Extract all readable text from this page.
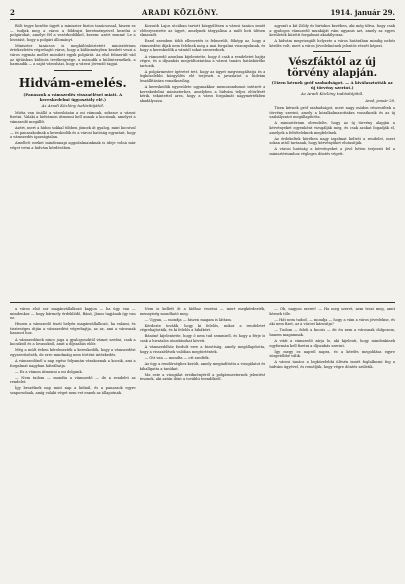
2	ARADI KÖZLÖNY.	1914. január 29.

Bölt tegye kezébe ügyét a miniszter biztos tanácsossal, hiszen ez — tudjuk meg a város a földrajzi keretményeivel kezelni a polgárokat, amelye fél a vezérkedőkkel, kezem: azért semmi! Le a hivatást, hogy a polgári állományt.

Miniszter tanácsos is megkülönböztetett minisztérium értekezletén végrehajtó város, hogy a különményben kezdett veszi a város egymás mellet mondott egyik polgárát. Az első felmerült vád az újításban különös tevékenysége, a második a különtermékek, a harmadik — a saját városházi, hogy a városi jövendő tagjai.

Hidvám-emelés.
(Panaszok a vámszedés visszaélései miatt. A kereskedelmi ügyosztály elé.)
Az Aradi Közlöny tudósítójától.

Mióta van önálló a városházán a mi vámunk, sokszor a várost fizetni. Valaki a hidvámon átmenni kell annak a kocsinak, amelyet a vámszedő megállít.

Azért, mert a hídon sokkal többen jönnek át gyalog, mint kocsival — és panaszkodnak a kereskedők és a városi hatóság egyaránt, hogy a vámszedés igazságtalan.

Amellett ezeket mindennapi aggodalmainknak is ideje volna már véget vetni a hidvám kérdésében.

Kossuth Lajos utcában tartott közgyűlésen a városi tanács ismét előterjesztette az ügyet, amelynek tárgyalása a múlt heti ülésen elmaradt.

Ezzel szemben több ellenvetés is felmerült, főképp az, hogy a vámszedési díjak nem felelnek meg a mai forgalmi viszonyoknak, és hogy a kereskedők a vámtól sokat szenvednek.

A vámszedő azonban kijelentette, hogy ő csak a rendeletet hajtja végre, és a díjszabás megváltoztatása a városi tanács hatáskörébe tartozik.

A polgármester ígéretet tett, hogy az ügyet megvizsgáltatja és a legközelebbi közgyűlés elé terjeszti a javaslatot a hidvám leszállítására vonatkozólag.

A kereskedők egyesülete ugyanakkor memorandumot intézett a kereskedelmi miniszterhez, amelyben a hidvám teljes eltörlését kérik, tekintettel arra, hogy a város forgalmát nagymértékben akadályozza.

agyonít a kit Zöldy és birtokos kezében, aki még tiltva, hogy csak a gyalogos vámszedő munkáját vám ugyanis azt, amely az egyes kerületek közötti forgalmat akadályozza.

A hidvám megvizsgált helyzete a város határában mindig nehéz kérdés volt, mert a város jövedelmének jelentős részét képezi.

Vészfáktól az új törvény alapján.
(Tízen kérnek gróf szabadságot. — A kiválasztották az új törvény szerint.)
Az Aradi Közlöny tudósítójától.
Arad, január 28.

Tízen kérnek gróf szabadságot, mert nagy módon részesültek a törvény szerint, amely a közalkalmazottakra vonatkozik és az új szabályzatot megállapította.

A minisztérium elrendelte, hogy az új törvény alapján a kérvényeket egyenként vizsgálják meg, és csak azokat fogadják el, amelyek a feltételeknek megfelelnek.

Az érdekeltek körében nagy izgalmat keltett a rendelet, mert sokan attól tartanak, hogy kérvényüket elutasítják.

A városi hatóság a kérvényeket a jövő héten terjeszti fel a minisztériumhoz végleges döntés végett.

a város első sor magánvállalkozó kapjon — ha úgy van — mindenkor — hogy bármely érdeklődő, Bánó, János tagjának így van ez.

Hiszen a vámszedő tiszti helyén magánvállalkozó, ha valami, és tiszteséges útján a vámszedést végrehajtja, az az, ami a városnak hasznot hoz.

A vámszedőnek nincs joga a gyalogosoktól vámot szedni, csak a kocsiktól és a lovasoktól, amit a díjszabás előír.

Még a múlt évben kérelmezték a kereskedők, hogy a vámszedést egyszerűsítsék, de erre mindmáig nem történt intézkedés.

A vámszedőnél a nap egész folyamán várakoznak a kocsik, ami a forgalmat nagyban hátráltatja.

— Ez a vámon átmenni a mi dolgunk.

— Nem tudom — mondta a vámszedő — de a rendelet az rendelet.

Így beszélnek nap mint nap a hídnál, és a panaszok egyre szaporodnak, amíg valaki véget nem vet ennek az állapotnak.

Nem is kellett őt a hídhoz vezetni — mert megkérdezték, mennyiség mondható meg.

— Ugyan, — mondja — hiszen magam is láttam.

Kérdezte tovább, hogy ki felelős, mikor a rendeletet végrehajtották, és ki felelős a hibákért.

Bánóné kijelentette, hogy ő nem tud semmiről, és hogy a férje is csak a hivatalos utasításokat követi.

A vámszedőhöz fordult erre a bizottság, amely megállapította, hogy a visszaélések valóban megtörténtek.

— Ott van — mondta — ott szedték.

Az ügy a rendőrséghez került, amely megindította a vizsgálatot és kihallgatta a tanúkat.

Ma este a vizsgálat eredményéről a polgármesternek jelentést tesznek, aki aztán dönt a további teendőkről.

— Oh, nagyon szeret! — Ha meg szeret, nem teszi meg, amit kérnek tőle.

— Hát nem tudod, — mondja — hogy a vám a város jövedelme, és aki nem fizet, az a várost károsítja?

— Tudom — feleli a kocsis — de én nem a városnak dolgozom, hanem magamnak.

A vitát a vámszedő zárja le, aki kijelenti, hogy mindenkinek egyformán kell fizetni a díjszabás szerint.

Így megy ez napról napra, és a kérdés megoldása egyre sürgetőbbé válik.

A városi tanács a legközelebbi ülésén ismét foglalkozni fog a hidvám ügyével, és reméljük, hogy végre döntés születik.
